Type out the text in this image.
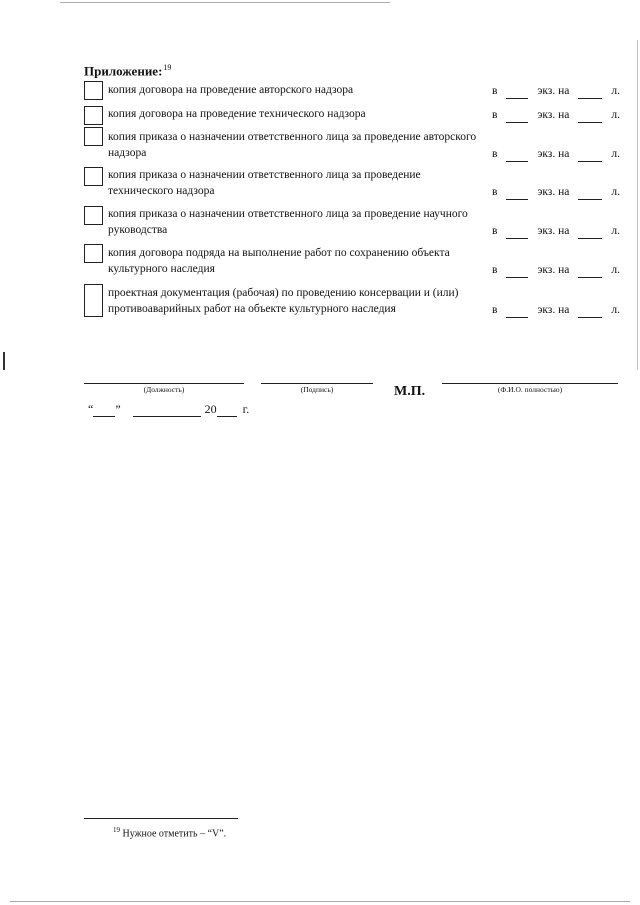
Приложение:$^{19}$
копия договора на проведение авторского надзора	в	экз. на	л.
копия договора на проведение технического надзора	в	экз. на	л.
копия приказа о назначении ответственного лица за проведение авторского надзора	в	экз. на	л.
копия приказа о назначении ответственного лица за проведение технического надзора	в	экз. на	л.
копия приказа о назначении ответственного лица за проведение научного руководства	в	экз. на	л.
копия договора подряда на выполнение работ по сохранению объекта культурного наследия	в	экз. на	л.
проектная документация (рабочая) по проведению консервации и (или) противоаварийных работ на объекте культурного наследия	в	экз. на	л.
(Должность)	(Подпись)	М.П.	(Ф.И.О. полностью)
“ ”	20 г.
$^{19}$ Нужное отметить – “V”.
